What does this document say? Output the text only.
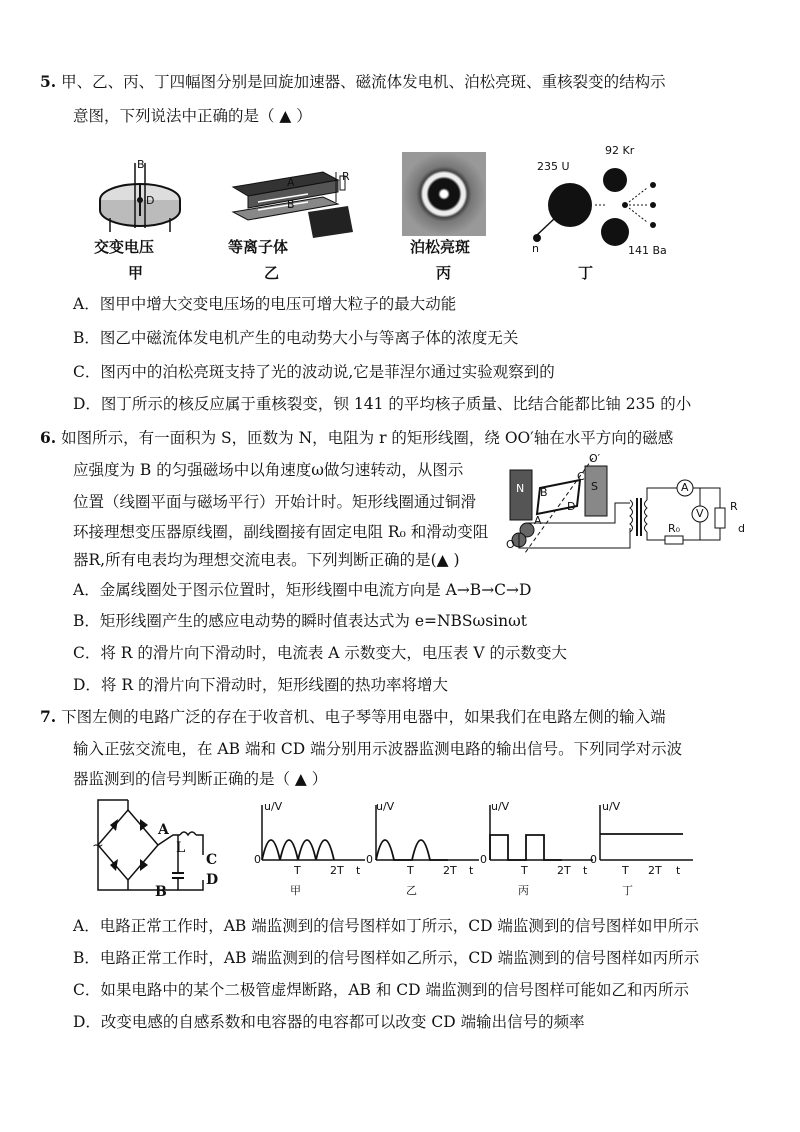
5. 甲、乙、丙、丁四幅图分别是回旋加速器、磁流体发电机、泊松亮斑、重核裂变的结构示
意图，下列说法中正确的是（ ▲ ）
B
D
交变电压
甲
A
B
R
等离子体
乙
泊松亮斑
丙
n
235 U
92 Kr
141 Ba
丁
A．图甲中增大交变电压场的电压可增大粒子的最大动能
B．图乙中磁流体发电机产生的电动势大小与等离子体的浓度无关
C．图丙中的泊松亮斑支持了光的波动说,它是菲涅尔通过实验观察到的
D．图丁所示的核反应属于重核裂变，钡 141 的平均核子质量、比结合能都比铀 235 的小
6. 如图所示，有一面积为 S，匝数为 N，电阻为 r 的矩形线圈，绕 OO′轴在水平方向的磁感
应强度为 B 的匀强磁场中以角速度ω做匀速转动，从图示
位置（线圈平面与磁场平行）开始计时。矩形线圈通过铜滑
环接理想变压器原线圈，副线圈接有固定电阻 R₀ 和滑动变阻
器R,所有电表均为理想交流电表。下列判断正确的是(▲ )
N	S
O
O′
B
C
A
D
A
V
R₀
R
d
A．金属线圈处于图示位置时，矩形线圈中电流方向是 A→B→C→D
B．矩形线圈产生的感应电动势的瞬时值表达式为 e=NBSωsinωt
C．将 R 的滑片向下滑动时，电流表 A 示数变大，电压表 V 的示数变大
D．将 R 的滑片向下滑动时，矩形线圈的热功率将增大
7. 下图左侧的电路广泛的存在于收音机、电子琴等用电器中，如果我们在电路左侧的输入端
输入正弦交流电，在 AB 端和 CD 端分别用示波器监测电路的输出信号。下列同学对示波
器监测到的信号判断正确的是（ ▲ ）
~
A
B
C
D
L
u/V
0
T	2T t
甲
u/V
0
T	2T t
乙
u/V
0
T	2T t
丙
u/V
0
T 2T t
丁
A．电路正常工作时，AB 端监测到的信号图样如丁所示，CD 端监测到的信号图样如甲所示
B．电路正常工作时，AB 端监测到的信号图样如乙所示，CD 端监测到的信号图样如丙所示
C．如果电路中的某个二极管虚焊断路，AB 和 CD 端监测到的信号图样可能如乙和丙所示
D．改变电感的自感系数和电容器的电容都可以改变 CD 端输出信号的频率
